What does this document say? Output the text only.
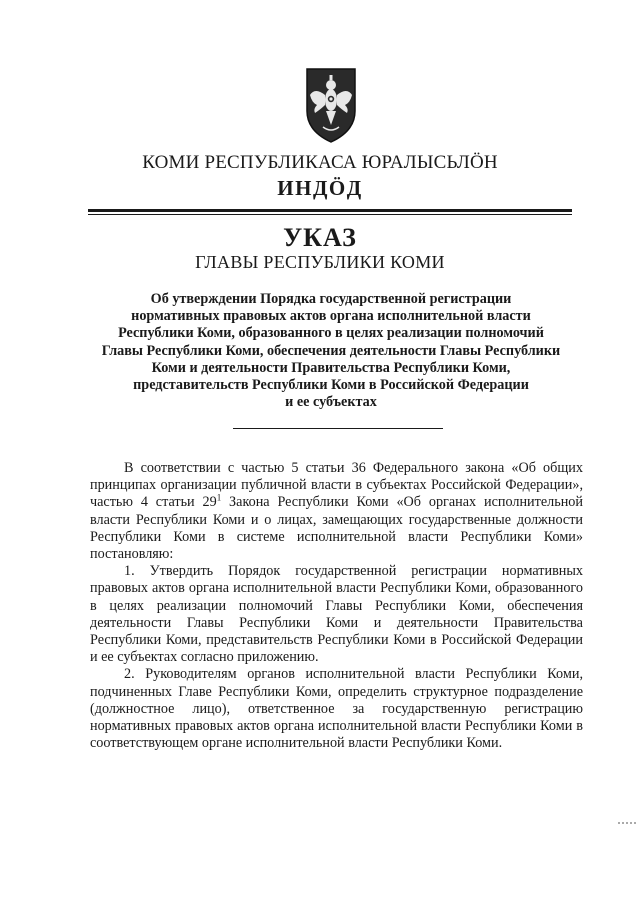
КОМИ РЕСПУБЛИКАСА ЮРАЛЫСЬЛÖН
ИНДÖД
УКАЗ
ГЛАВЫ РЕСПУБЛИКИ КОМИ
Об утверждении Порядка государственной регистрации
нормативных правовых актов органа исполнительной власти
Республики Коми, образованного в целях реализации полномочий
Главы Республики Коми, обеспечения деятельности Главы Республики
Коми и деятельности Правительства Республики Коми,
представительств Республики Коми в Российской Федерации
и ее субъектах

В соответствии с частью 5 статьи 36 Федерального закона «Об общих принципах организации публичной власти в субъектах Российской Федерации», частью 4 статьи $29^1$ Закона Республики Коми «Об органах исполнительной власти Республики Коми и о лицах, замещающих государственные должности Республики Коми в системе исполнительной власти Республики Коми» постановляю:

1. Утвердить Порядок государственной регистрации нормативных правовых актов органа исполнительной власти Республики Коми, образованного в целях реализации полномочий Главы Республики Коми, обеспечения деятельности Главы Республики Коми и деятельности Правительства Республики Коми, представительств Республики Коми в Российской Федерации и ее субъектах согласно приложению.

2. Руководителям органов исполнительной власти Республики Коми, подчиненных Главе Республики Коми, определить структурное подразделение (должностное лицо), ответственное за государственную регистрацию нормативных правовых актов органа исполнительной власти Республики Коми в соответствующем органе исполнительной власти Республики Коми.
